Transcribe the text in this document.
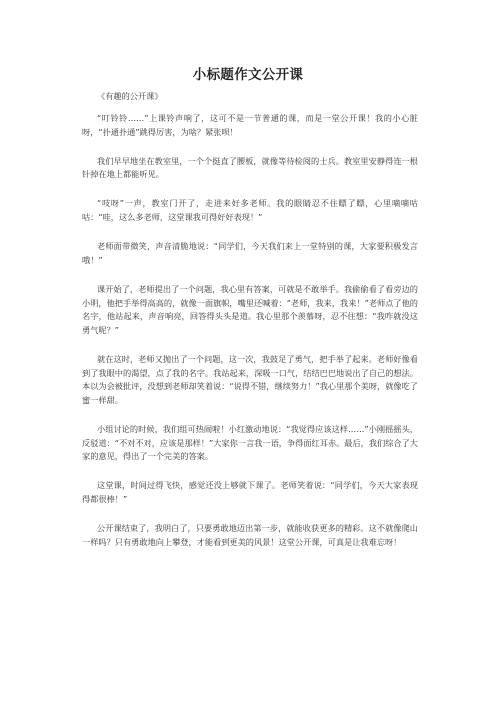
小标题作文公开课

《有趣的公开课》

“叮铃铃……”上课铃声响了，这可不是一节普通的课，而是一堂公开课！我的小心脏呀，“扑通扑通”跳得厉害，为啥？紧张呗！

我们早早地坐在教室里，一个个挺直了腰板，就像等待检阅的士兵。教室里安静得连一根针掉在地上都能听见。

“吱呀”一声，教室门开了，走进来好多老师。我的眼睛忍不住瞟了瞟，心里嘀嘀咕咕：“哇，这么多老师，这堂课我可得好好表现！”

老师面带微笑，声音清脆地说：“同学们，今天我们来上一堂特别的课，大家要积极发言哦！”

课开始了，老师提出了一个问题，我心里有答案，可就是不敢举手。我偷偷看了看旁边的小明，他把手举得高高的，就像一面旗帜，嘴里还喊着：“老师，我来，我来！”老师点了他的名字，他站起来，声音响亮，回答得头头是道。我心里那个羡慕呀，忍不住想：“我咋就没这勇气呢？”

就在这时，老师又抛出了一个问题，这一次，我鼓足了勇气，把手举了起来。老师好像看到了我眼中的渴望，点了我的名字。我站起来，深吸一口气，结结巴巴地说出了自己的想法。本以为会被批评，没想到老师却笑着说：“说得不错，继续努力！”我心里那个美呀，就像吃了蜜一样甜。

小组讨论的时候，我们组可热闹啦！小红激动地说：“我觉得应该这样……”小刚摇摇头，反驳道：“不对不对，应该是那样！”大家你一言我一语，争得面红耳赤。最后，我们综合了大家的意见，得出了一个完美的答案。

这堂课，时间过得飞快，感觉还没上够就下课了。老师笑着说：“同学们，今天大家表现得都很棒！”

公开课结束了，我明白了，只要勇敢地迈出第一步，就能收获更多的精彩。这不就像爬山一样吗？只有勇敢地向上攀登，才能看到更美的风景！这堂公开课，可真是让我难忘呀！
